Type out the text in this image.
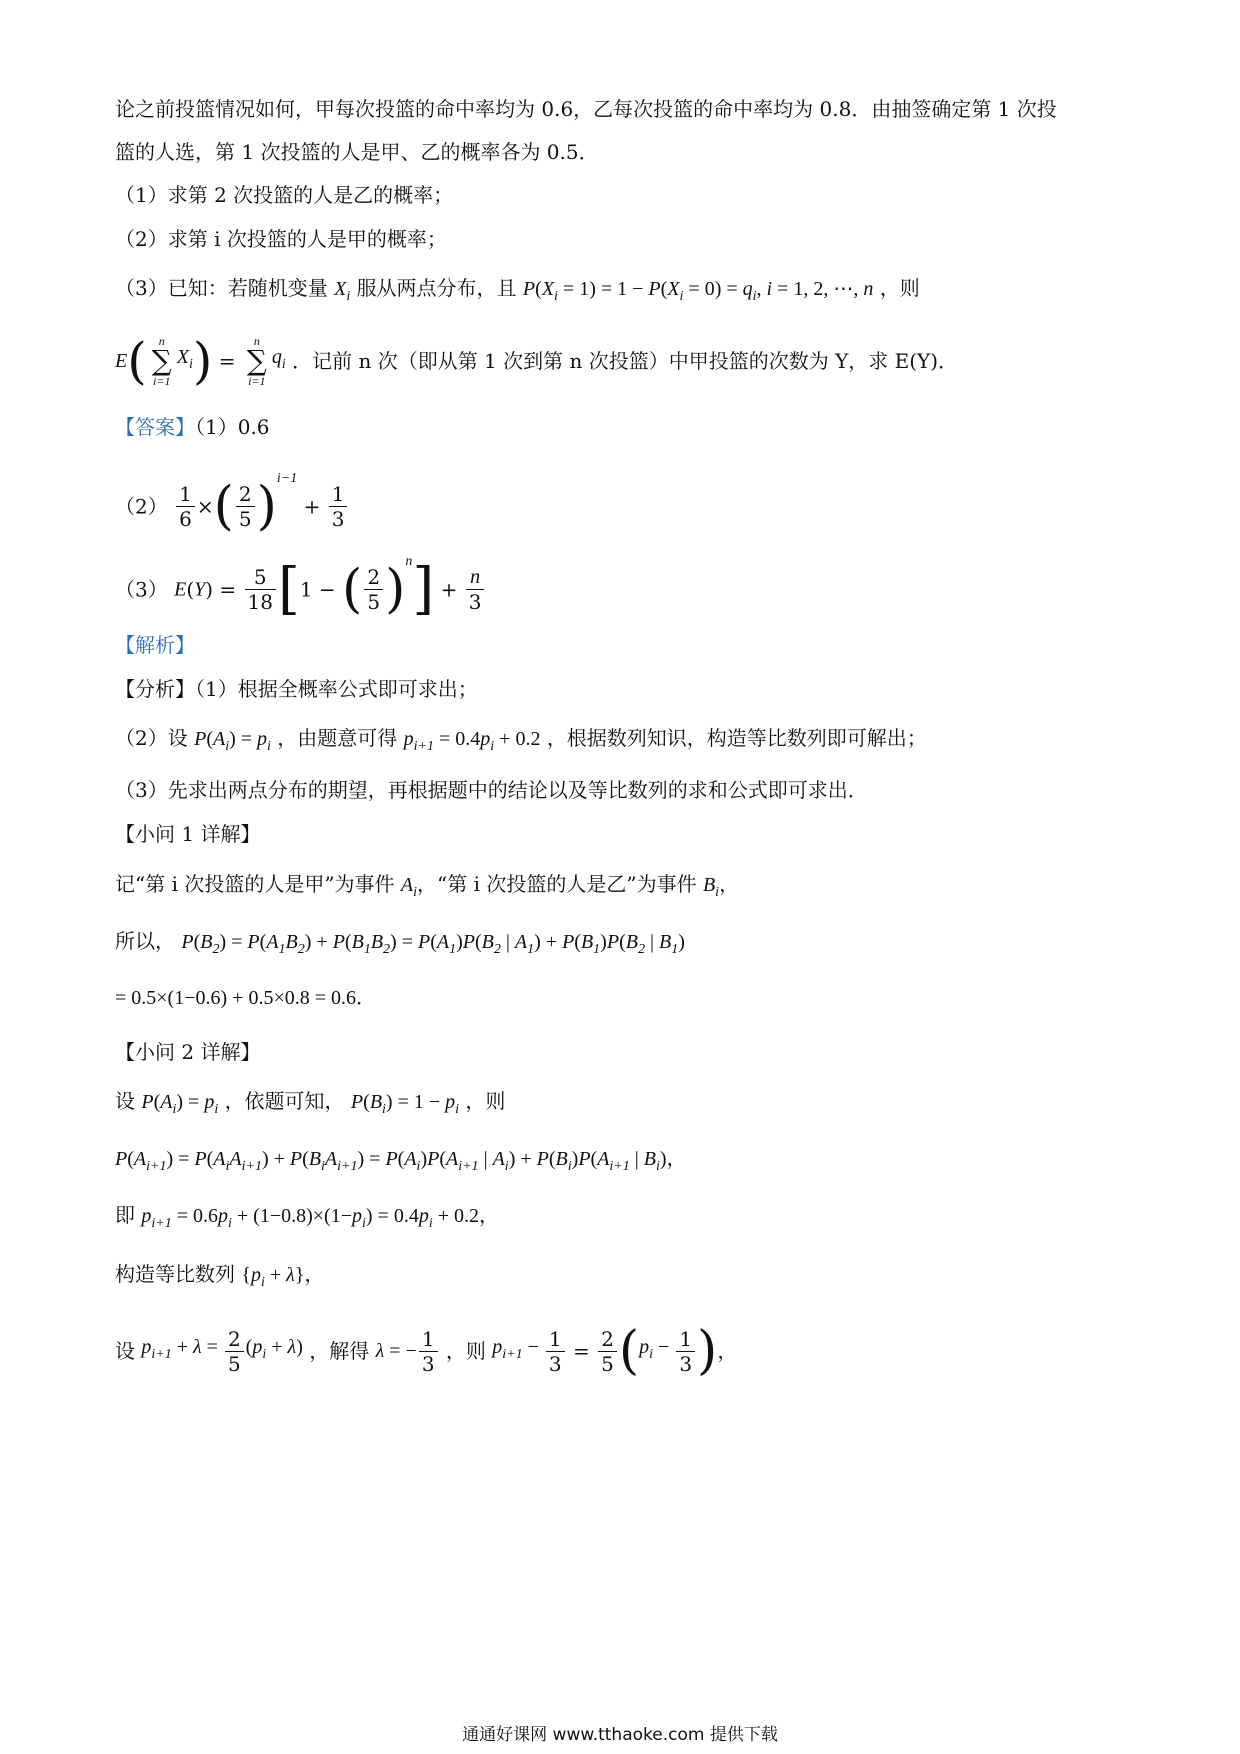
论之前投篮情况如何，甲每次投篮的命中率均为 0.6，乙每次投篮的命中率均为 0.8．由抽签确定第 1 次投
篮的人选，第 1 次投篮的人是甲、乙的概率各为 0.5．
（1）求第 2 次投篮的人是乙的概率；
（2）求第 i 次投篮的人是甲的概率；
（3）已知：若随机变量 $X_i$ 服从两点分布，且 $P(X_i = 1) = 1 - P(X_i = 0) = q_i$, i = 1, 2, ⋯, n ，则
E(	n
∑
i=1
$X_i$) =
n
∑
i=1
$q_i$ ．记前 n 次（即从第 1 次到第 n 次投篮）中甲投篮的次数为 Y，求 E(Y)．
【答案】（1）0.6
$(2) \frac{1}{6}$ ×( $\frac{2}{5} )^{i-1} + \frac{1}{3}$
（3） $E(Y) = \frac{5}{18} [1$ − ( $\frac{2}{5} )^n] + \frac{n}{3}$
【解析】
【分析】（1）根据全概率公式即可求出；
（2）设 $P(A_i) = p_i$ ，由题意可得 $p_{i+1} = 0.4p_i + 0.2$ ，根据数列知识，构造等比数列即可解出；
（3）先求出两点分布的期望，再根据题中的结论以及等比数列的求和公式即可求出．
【小问 1 详解】
记“第 i 次投篮的人是甲”为事件 $A_i$，“第 i 次投篮的人是乙”为事件 $B_i$，
所以， $P(B_2) = P(A_1B_2) + P(B_1B_2) = P(A_1)P(B_2$ | $A_1) + P(B_1)P(B_2$ | $B_1$)
= 0.5×(1−0.6) + 0.5×0.8 = 0.6．
【小问 2 详解】
设 $P(A_i) = p_i$ ，依题可知， $P(B_i) = 1 - p_i$ ，则
$P(A_{i+1}) = P(A_iA_{i+1}) + P(B_iA_{i+1}) = P(A_i)P(A_{i+1}$ | $A_i) + P(B_i)P(A_{i+1}$ | $B_i$)，
即 $p_{i+1} = 0.6p_i + (1-0.8)\times(1-p_i) = 0.4p_i + 0.2$，
构造等比数列 $\{p_i + \lambda\}$，
设 $p_{i+1} + \lambda = \frac{2}{5} (p_i + \lambda)$ ，解得 λ = − $\frac{1}{3}$ ，则 $p_{i+1} - \frac{1}{3} = \frac{2}{5} (p_i - \frac{1}{3}$ )，
通通好课网 www.tthaoke.com 提供下载
